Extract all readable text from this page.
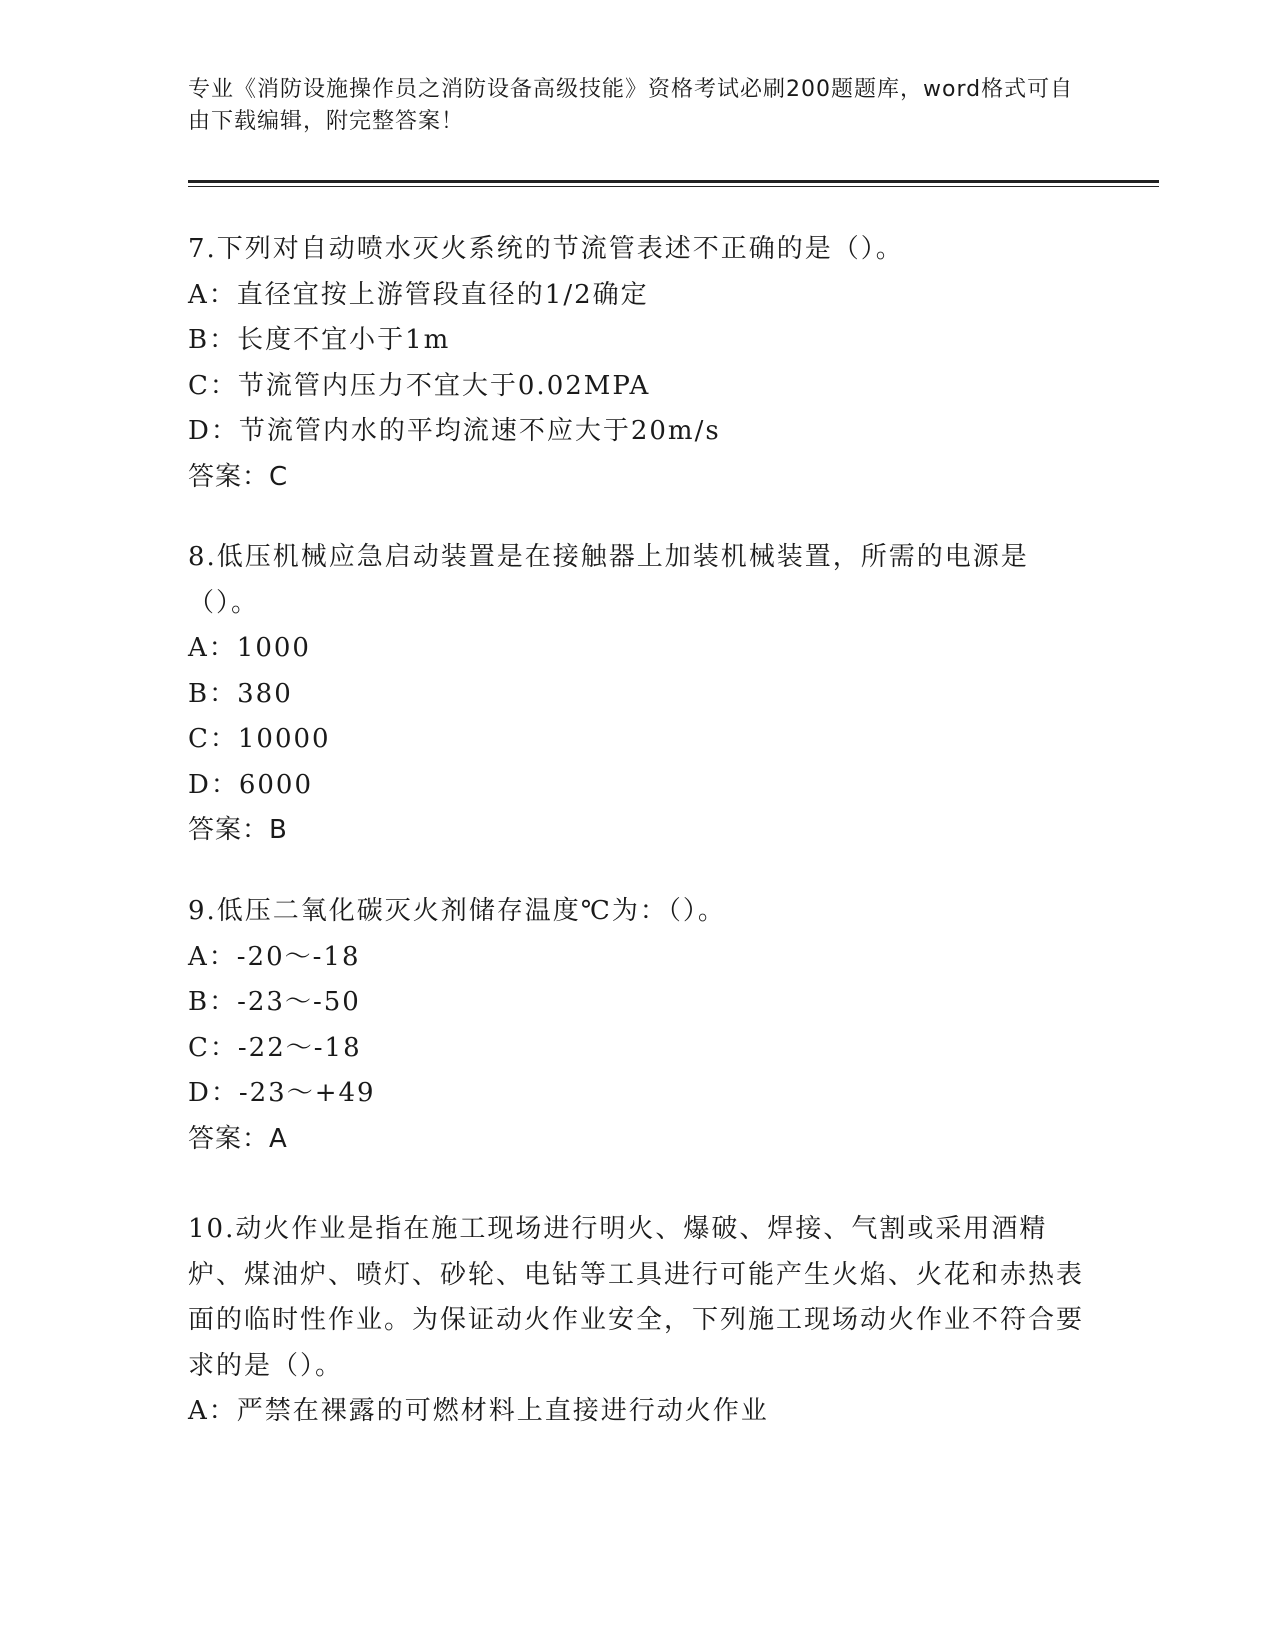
专业《消防设施操作员之消防设备高级技能》资格考试必刷200题题库，word格式可自由下载编辑，附完整答案！

7.下列对自动喷水灭火系统的节流管表述不正确的是（）。

A：直径宜按上游管段直径的1/2确定

B：长度不宜小于1m

C：节流管内压力不宜大于0.02MPA

D：节流管内水的平均流速不应大于20m/s

答案：C

8.低压机械应急启动装置是在接触器上加装机械装置，所需的电源是（）。

A：1000

B：380

C：10000

D：6000

答案：B

9.低压二氧化碳灭火剂储存温度℃为：（）。

A：-20～-18

B：-23～-50

C：-22～-18

D：-23～+49

答案：A

10.动火作业是指在施工现场进行明火、爆破、焊接、气割或采用酒精炉、煤油炉、喷灯、砂轮、电钻等工具进行可能产生火焰、火花和赤热表面的临时性作业。为保证动火作业安全，下列施工现场动火作业不符合要求的是（）。

A：严禁在裸露的可燃材料上直接进行动火作业
